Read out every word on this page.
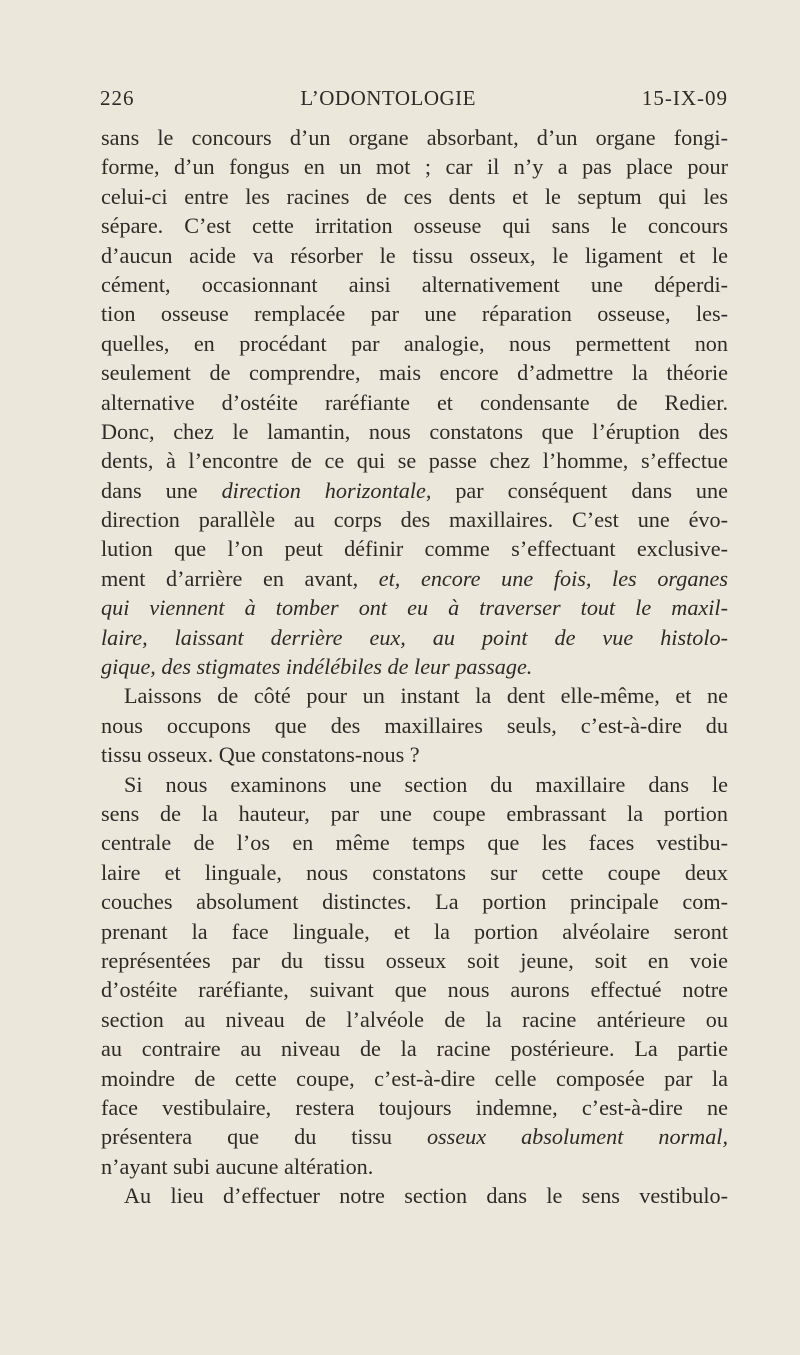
226	L’ODONTOLOGIE	15-IX-09
sans le concours d’un organe absorbant, d’un organe fongi-
forme, d’un fongus en un mot ; car il n’y a pas place pour
celui-ci entre les racines de ces dents et le septum qui les
sépare. C’est cette irritation osseuse qui sans le concours
d’aucun acide va résorber le tissu osseux, le ligament et le
cément, occasionnant ainsi alternativement une déperdi-
tion osseuse remplacée par une réparation osseuse, les-
quelles, en procédant par analogie, nous permettent non
seulement de comprendre, mais encore d’admettre la théorie
alternative d’ostéite raréfiante et condensante de Redier.
Donc, chez le lamantin, nous constatons que l’éruption des
dents, à l’encontre de ce qui se passe chez l’homme, s’effectue
dans une direction horizontale, par conséquent dans une
direction parallèle au corps des maxillaires. C’est une évo-
lution que l’on peut définir comme s’effectuant exclusive-
ment d’arrière en avant, et, encore une fois, les organes
qui viennent à tomber ont eu à traverser tout le maxil-
laire, laissant derrière eux, au point de vue histolo-
gique, des stigmates indélébiles de leur passage.
Laissons de côté pour un instant la dent elle-même, et ne
nous occupons que des maxillaires seuls, c’est-à-dire du
tissu osseux. Que constatons-nous ?
Si nous examinons une section du maxillaire dans le
sens de la hauteur, par une coupe embrassant la portion
centrale de l’os en même temps que les faces vestibu-
laire et linguale, nous constatons sur cette coupe deux
couches absolument distinctes. La portion principale com-
prenant la face linguale, et la portion alvéolaire seront
représentées par du tissu osseux soit jeune, soit en voie
d’ostéite raréfiante, suivant que nous aurons effectué notre
section au niveau de l’alvéole de la racine antérieure ou
au contraire au niveau de la racine postérieure. La partie
moindre de cette coupe, c’est-à-dire celle composée par la
face vestibulaire, restera toujours indemne, c’est-à-dire ne
présentera que du tissu osseux absolument normal,
n’ayant subi aucune altération.
Au lieu d’effectuer notre section dans le sens vestibulo-
